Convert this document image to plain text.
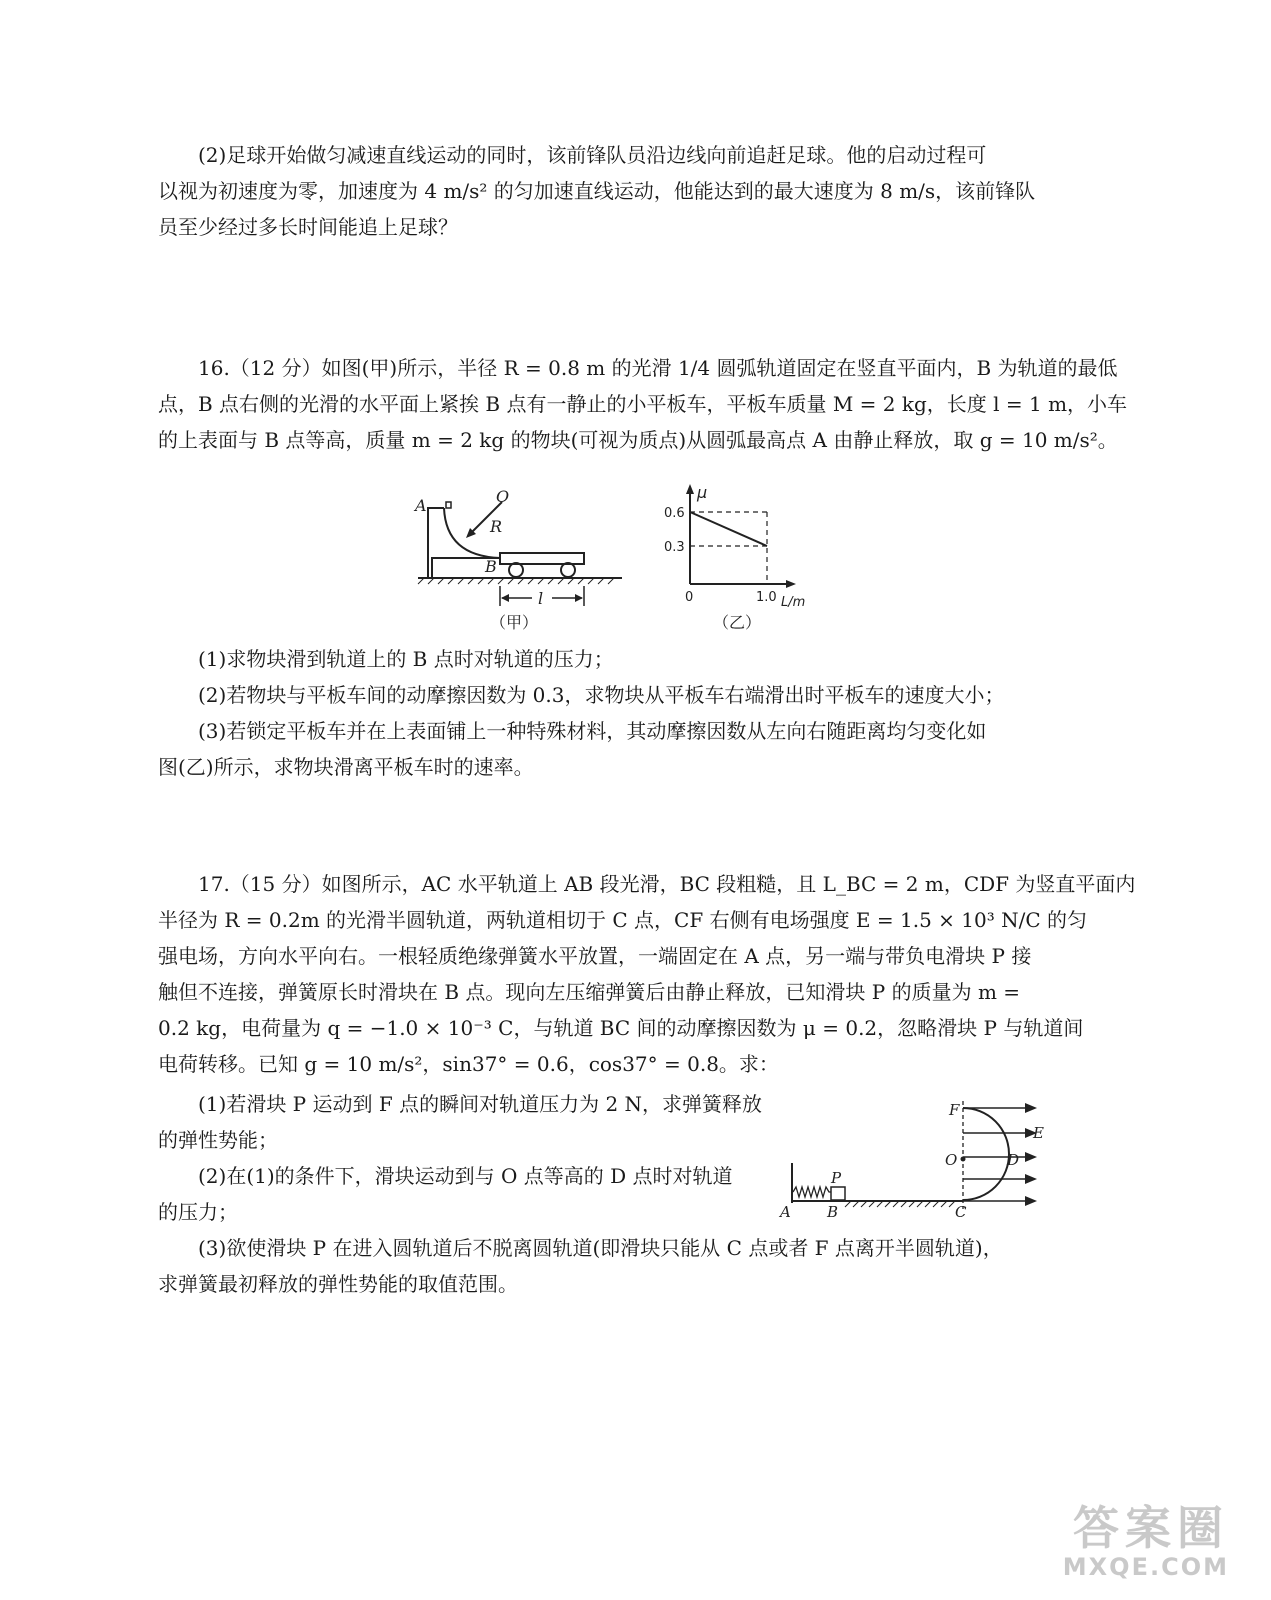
(2)足球开始做匀减速直线运动的同时，该前锋队员沿边线向前追赶足球。他的启动过程可
以视为初速度为零，加速度为 4 m/s² 的匀加速直线运动，他能达到的最大速度为 8 m/s，该前锋队
员至少经过多长时间能追上足球？
16.（12 分）如图(甲)所示，半径 R = 0.8 m 的光滑 1/4 圆弧轨道固定在竖直平面内，B 为轨道的最低
点，B 点右侧的光滑的水平面上紧挨 B 点有一静止的小平板车，平板车质量 M = 2 kg，长度 l = 1 m，小车
的上表面与 B 点等高，质量 m = 2 kg 的物块(可视为质点)从圆弧最高点 A 由静止释放，取 g = 10 m/s²。
A	O
R
B
l
（甲）
μ
0.6
0.3
0	1.0 L/m
（乙）
(1)求物块滑到轨道上的 B 点时对轨道的压力；
(2)若物块与平板车间的动摩擦因数为 0.3，求物块从平板车右端滑出时平板车的速度大小；
(3)若锁定平板车并在上表面铺上一种特殊材料，其动摩擦因数从左向右随距离均匀变化如
图(乙)所示，求物块滑离平板车时的速率。
17.（15 分）如图所示，AC 水平轨道上 AB 段光滑，BC 段粗糙，且 L_BC = 2 m，CDF 为竖直平面内
半径为 R = 0.2m 的光滑半圆轨道，两轨道相切于 C 点，CF 右侧有电场强度 E = 1.5 × 10³ N/C 的匀
强电场，方向水平向右。一根轻质绝缘弹簧水平放置，一端固定在 A 点，另一端与带负电滑块 P 接
触但不连接，弹簧原长时滑块在 B 点。现向左压缩弹簧后由静止释放，已知滑块 P 的质量为 m =
0.2 kg，电荷量为 q = −1.0 × 10⁻³ C，与轨道 BC 间的动摩擦因数为 μ = 0.2，忽略滑块 P 与轨道间
电荷转移。已知 g = 10 m/s²，sin37° = 0.6，cos37° = 0.8。求：
(1)若滑块 P 运动到 F 点的瞬间对轨道压力为 2 N，求弹簧释放
的弹性势能；
(2)在(1)的条件下，滑块运动到与 O 点等高的 D 点时对轨道
的压力；
(3)欲使滑块 P 在进入圆轨道后不脱离圆轨道(即滑块只能从 C 点或者 F 点离开半圆轨道)，
求弹簧最初释放的弹性势能的取值范围。
F
E
O	D
P
A B	C
答案圈
MXQE.COM
